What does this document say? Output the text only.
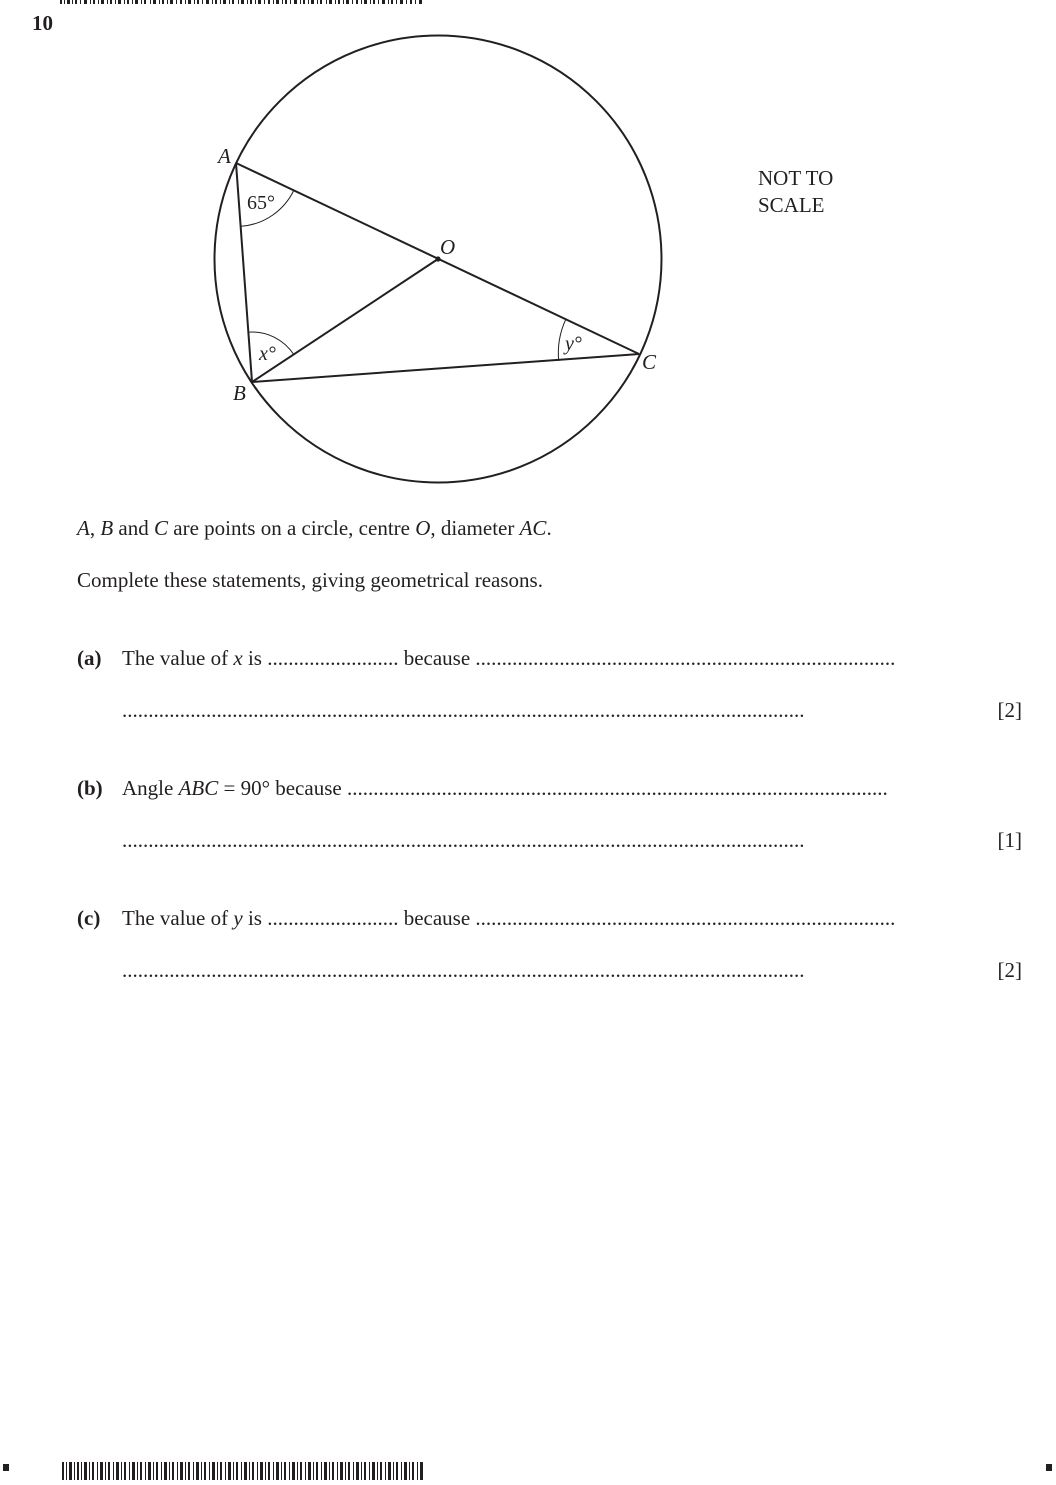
10
A
B
C
O
65°
x°	y°
NOT TO
SCALE
A, B and C are points on a circle, centre O, diameter AC.
Complete these statements, giving geometrical reasons.
(a) The value of x is ......................... because ................................................................................
..................................................................................................................................	[2]
(b) Angle ABC = 90° because .......................................................................................................
..................................................................................................................................	[1]
(c) The value of y is ......................... because ................................................................................
..................................................................................................................................	[2]
